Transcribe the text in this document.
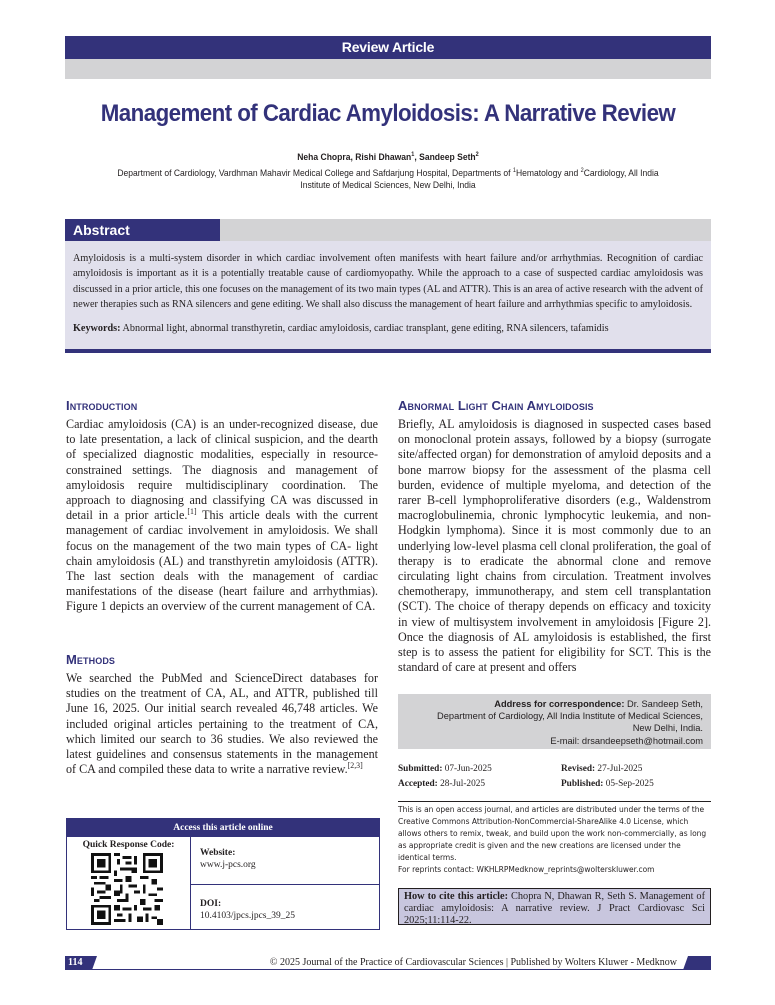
Review Article
Management of Cardiac Amyloidosis: A Narrative Review
Neha Chopra, Rishi Dhawan$^1$, Sandeep Seth$^2$
Department of Cardiology, Vardhman Mahavir Medical College and Safdarjung Hospital, Departments of $^1$Hematology and $^2$Cardiology, All India Institute of Medical Sciences, New Delhi, India
Abstract

Amyloidosis is a multi-system disorder in which cardiac involvement often manifests with heart failure and/or arrhythmias. Recognition of cardiac amyloidosis is important as it is a potentially treatable cause of cardiomyopathy. While the approach to a case of suspected cardiac amyloidosis was discussed in a prior article, this one focuses on the management of its two main types (AL and ATTR). This is an area of active research with the advent of newer therapies such as RNA silencers and gene editing. We shall also discuss the management of heart failure and arrhythmias specific to amyloidosis.

Keywords: Abnormal light, abnormal transthyretin, cardiac amyloidosis, cardiac transplant, gene editing, RNA silencers, tafamidis

Introduction

Cardiac amyloidosis (CA) is an under-recognized disease, due to late presentation, a lack of clinical suspicion, and the dearth of specialized diagnostic modalities, especially in resource-constrained settings. The diagnosis and management of amyloidosis require multidisciplinary coordination. The approach to diagnosing and classifying CA was discussed in detail in a prior article.[1] This article deals with the current management of cardiac involvement in amyloidosis. We shall focus on the management of the two main types of CA- light chain amyloidosis (AL) and transthyretin amyloidosis (ATTR). The last section deals with the management of cardiac manifestations of the disease (heart failure and arrhythmias). Figure 1 depicts an overview of the current management of CA.

Methods

We searched the PubMed and ScienceDirect databases for studies on the treatment of CA, AL, and ATTR, published till June 16, 2025. Our initial search revealed 46,748 articles. We included original articles pertaining to the treatment of CA, which limited our search to 36 studies. We also reviewed the latest guidelines and consensus statements in the management of CA and compiled these data to write a narrative review.[2,3]

Access this article online
Quick Response Code:
Website:
www.j-pcs.org
DOI:
10.4103/jpcs.jpcs_39_25
Abnormal Light Chain Amyloidosis

Briefly, AL amyloidosis is diagnosed in suspected cases based on monoclonal protein assays, followed by a biopsy (surrogate site/affected organ) for demonstration of amyloid deposits and a bone marrow biopsy for the assessment of the plasma cell burden, evidence of multiple myeloma, and detection of the rarer B-cell lymphoproliferative disorders (e.g., Waldenstrom macroglobulinemia, chronic lymphocytic leukemia, and non-Hodgkin lymphoma). Since it is most commonly due to an underlying low-level plasma cell clonal proliferation, the goal of therapy is to eradicate the abnormal clone and remove circulating light chains from circulation. Treatment involves chemotherapy, immunotherapy, and stem cell transplantation (SCT). The choice of therapy depends on efficacy and toxicity in view of multisystem involvement in amyloidosis [Figure 2]. Once the diagnosis of AL amyloidosis is established, the first step is to assess the patient for eligibility for SCT. This is the standard of care at present and offers

Address for correspondence: Dr. Sandeep Seth,
Department of Cardiology, All India Institute of Medical Sciences,
New Delhi, India.
E-mail: drsandeepseth@hotmail.com
Submitted: 07-Jun-2025	Revised: 27-Jul-2025
Accepted: 28-Jul-2025	Published: 05-Sep-2025
This is an open access journal, and articles are distributed under the terms of the Creative Commons Attribution-NonCommercial-ShareAlike 4.0 License, which allows others to remix, tweak, and build upon the work non-commercially, as long as appropriate credit is given and the new creations are licensed under the identical terms.
For reprints contact: WKHLRPMedknow_reprints@wolterskluwer.com
How to cite this article: Chopra N, Dhawan R, Seth S. Management of cardiac amyloidosis: A narrative review. J Pract Cardiovasc Sci 2025;11:114-22.
114	© 2025 Journal of the Practice of Cardiovascular Sciences | Published by Wolters Kluwer - Medknow
